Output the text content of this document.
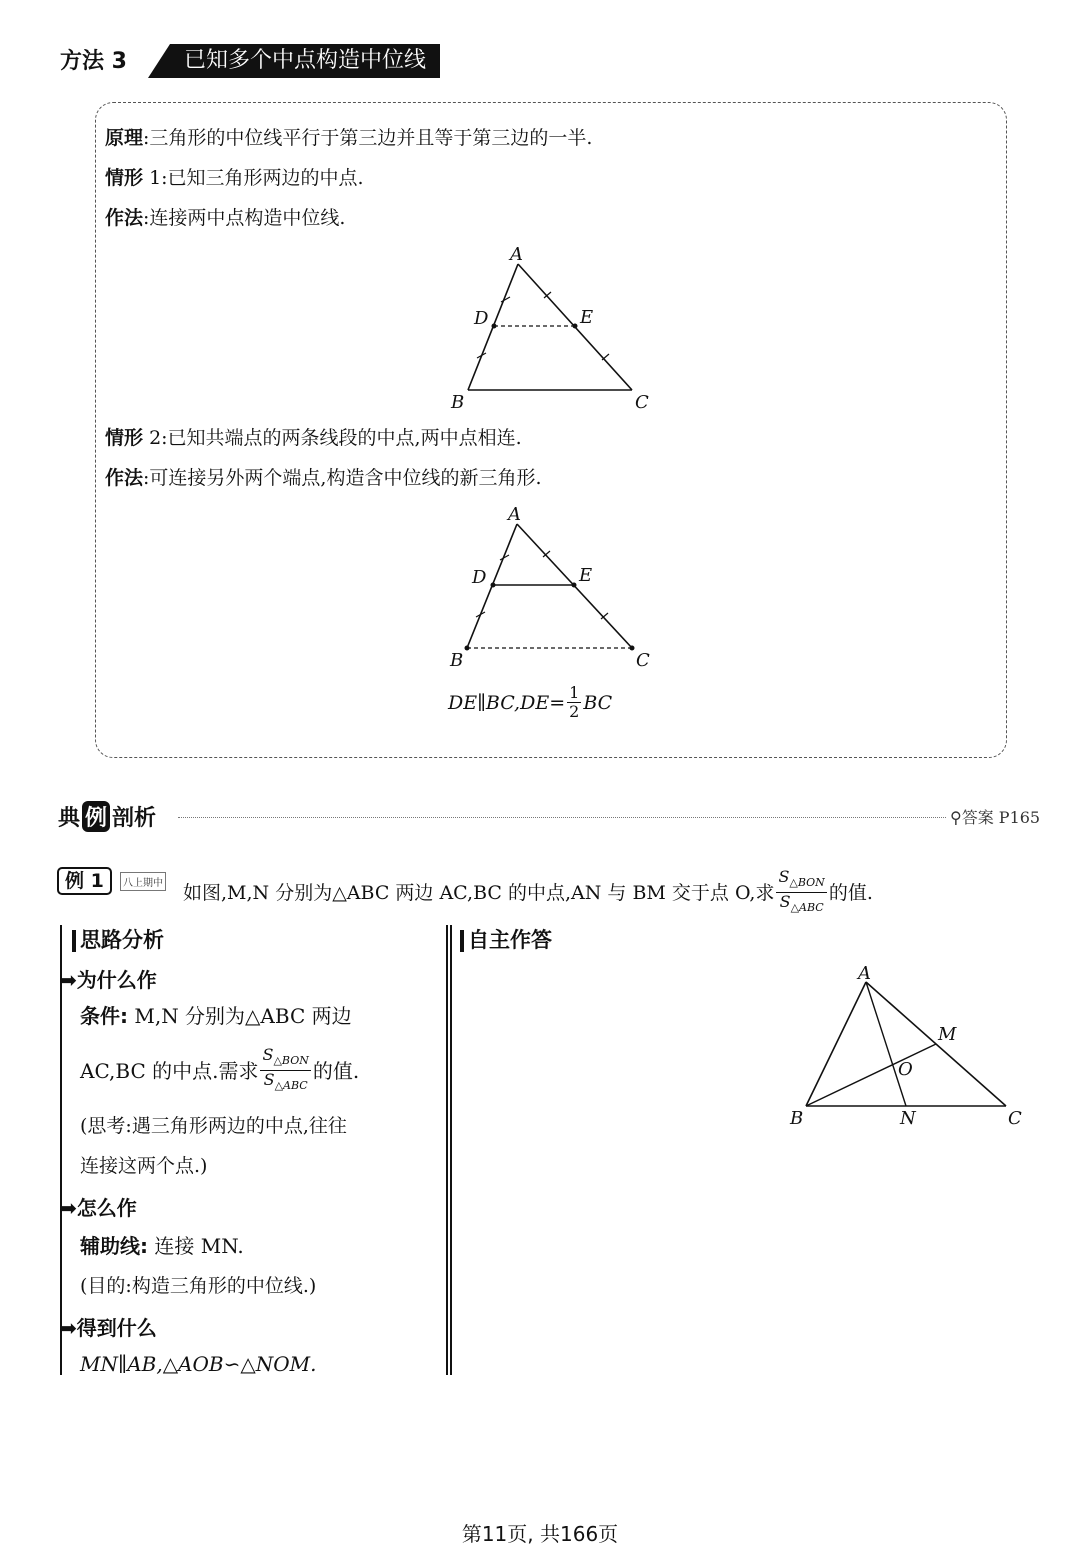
方法 3	已知多个中点构造中位线
原理:三角形的中位线平行于第三边并且等于第三边的一半.
情形 1:已知三角形两边的中点.
作法:连接两中点构造中位线.
A
D	E
B	C
情形 2:已知共端点的两条线段的中点,两中点相连.
作法:可连接另外两个端点,构造含中位线的新三角形.
A
D	E
B	C
DE∥BC,DE= $\frac{1}{2}$ BC
典 例 剖析	⚲答案 P165
例 1	八上期中 如图,M,N 分别为△ABC 两边 AC,BC 的中点,AN 与 BM 交于点 O,求 $\frac{S_{\triangle BON}}{S_{\triangle ABC}}$ 的值.
思路分析
➡为什么作
条件: M,N 分别为△ABC 两边
AC,BC 的中点.需求 $\frac{S_{\triangle BON}}{S_{\triangle ABC}}$ 的值.
(思考:遇三角形两边的中点,往往
连接这两个点.)
➡怎么作
辅助线: 连接 MN.
(目的:构造三角形的中位线.)
➡得到什么
MN∥AB,△AOB∽△NOM.
自主作答
A
M
O
B	N	C
第11页, 共166页
